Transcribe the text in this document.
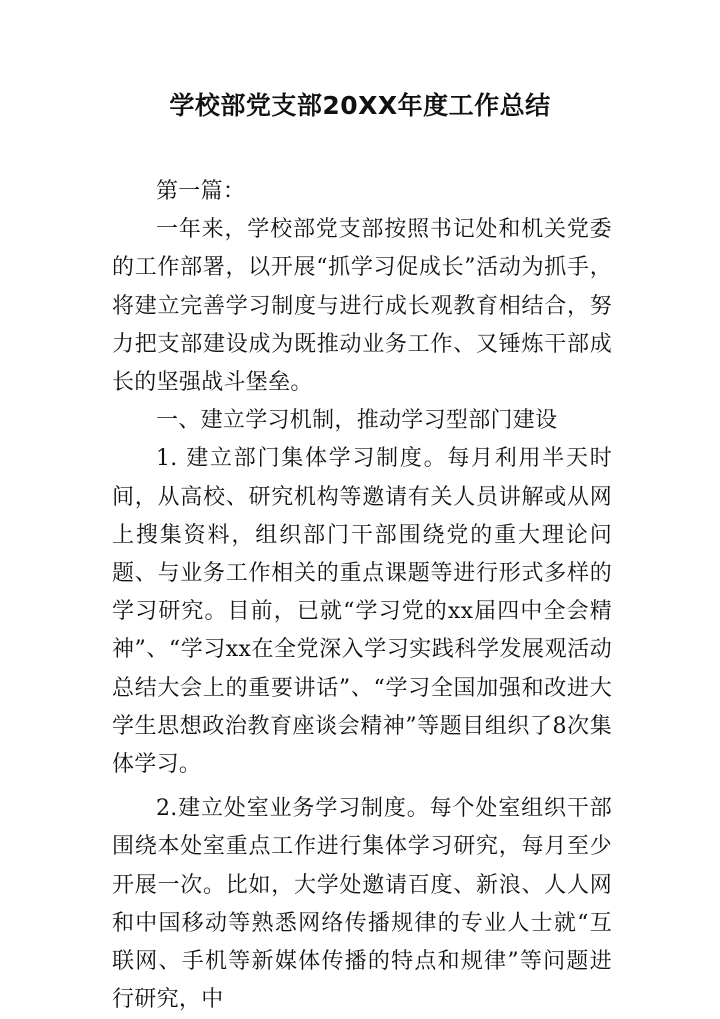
学校部党支部20XX年度工作总结

第一篇：

一年来，学校部党支部按照书记处和机关党委的工作部署，以开展“抓学习促成长”活动为抓手，将建立完善学习制度与进行成长观教育相结合，努力把支部建设成为既推动业务工作、又锤炼干部成长的坚强战斗堡垒。

一、建立学习机制，推动学习型部门建设

1. 建立部门集体学习制度。每月利用半天时间，从高校、研究机构等邀请有关人员讲解或从网上搜集资料，组织部门干部围绕党的重大理论问题、与业务工作相关的重点课题等进行形式多样的学习研究。目前，已就“学习党的xx届四中全会精神”、“学习xx在全党深入学习实践科学发展观活动总结大会上的重要讲话”、“学习全国加强和改进大学生思想政治教育座谈会精神”等题目组织了8次集体学习。

2.建立处室业务学习制度。每个处室组织干部围绕本处室重点工作进行集体学习研究，每月至少开展一次。比如，大学处邀请百度、新浪、人人网和中国移动等熟悉网络传播规律的专业人士就“互联网、手机等新媒体传播的特点和规律”等问题进行研究，中
